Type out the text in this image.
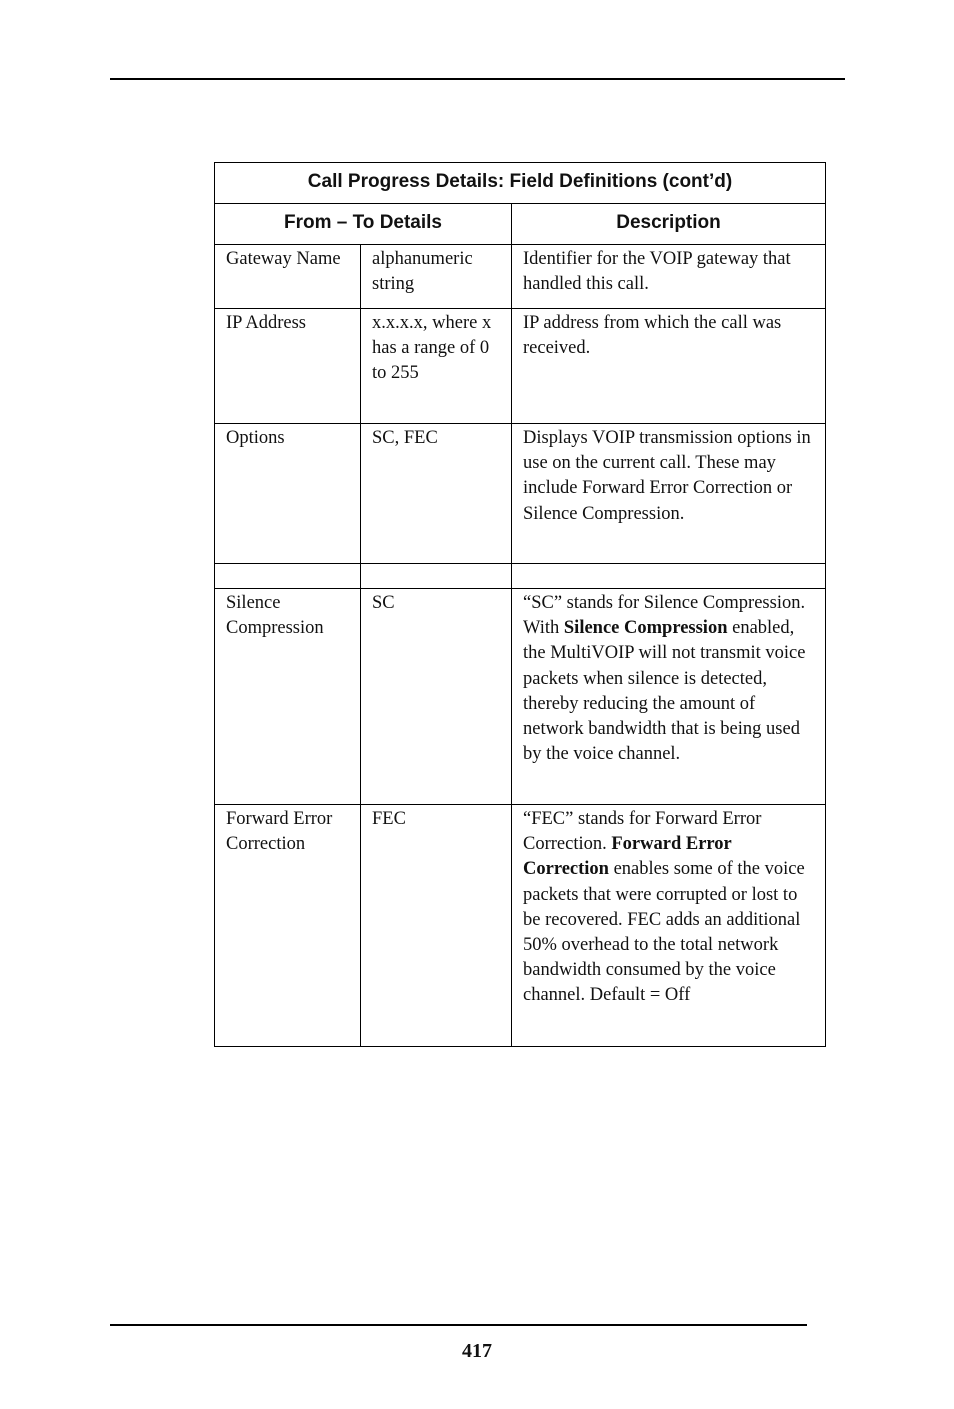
Call Progress Details: Field Definitions (cont’d)		
From – To Details		Description
Gateway Name	alphanumeric string	Identifier for the VOIP gateway that handled this call.
IP Address	x.x.x.x, where x has a range of 0 to 255	IP address from which the call was received.
Options	SC, FEC	Displays VOIP transmission options in use on the current call. These may include Forward Error Correction or Silence Compression.

Silence Compression	SC	“SC” stands for Silence Compression. With Silence Compression enabled, the MultiVOIP will not transmit voice packets when silence is detected, thereby reducing the amount of network bandwidth that is being used by the voice channel.
Forward Error Correction	FEC	“FEC” stands for Forward Error Correction. Forward Error Correction enables some of the voice packets that were corrupted or lost to be recovered. FEC adds an additional 50% overhead to the total network bandwidth consumed by the voice channel. Default = Off
417
